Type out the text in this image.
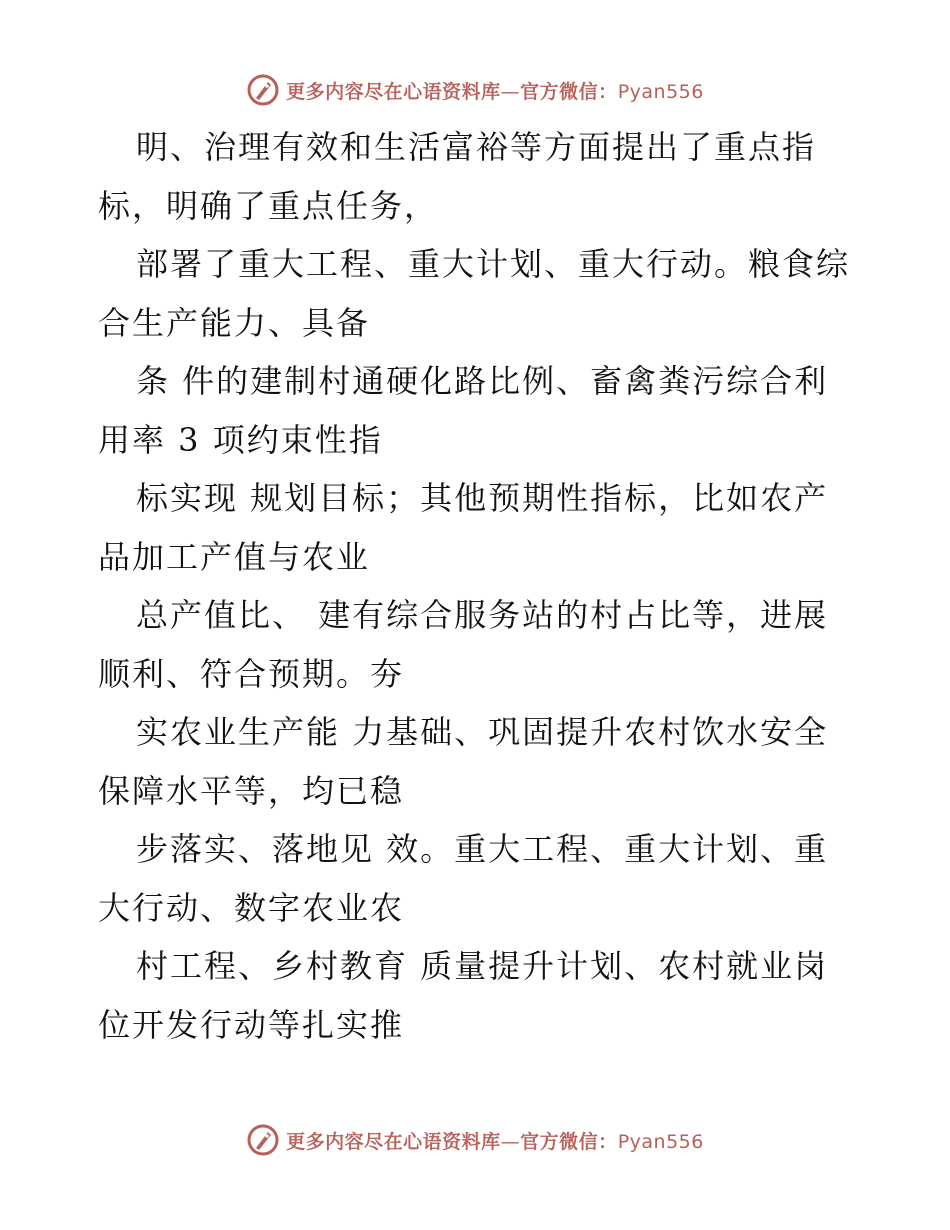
更多内容尽在心语资料库—官方微信：Pyan556
明、治理有效和生活富裕等方面提出了重点指
标，明确了重点任务，
部署了重大工程、重大计划、重大行动。粮食综
合生产能力、具备
条 件的建制村通硬化路比例、畜禽粪污综合利
用率 3 项约束性指
标实现 规划目标；其他预期性指标，比如农产
品加工产值与农业
总产值比、 建有综合服务站的村占比等，进展
顺利、符合预期。夯
实农业生产能 力基础、巩固提升农村饮水安全
保障水平等，均已稳
步落实、落地见 效。重大工程、重大计划、重
大行动、数字农业农
村工程、乡村教育 质量提升计划、农村就业岗
位开发行动等扎实推
更多内容尽在心语资料库—官方微信：Pyan556
